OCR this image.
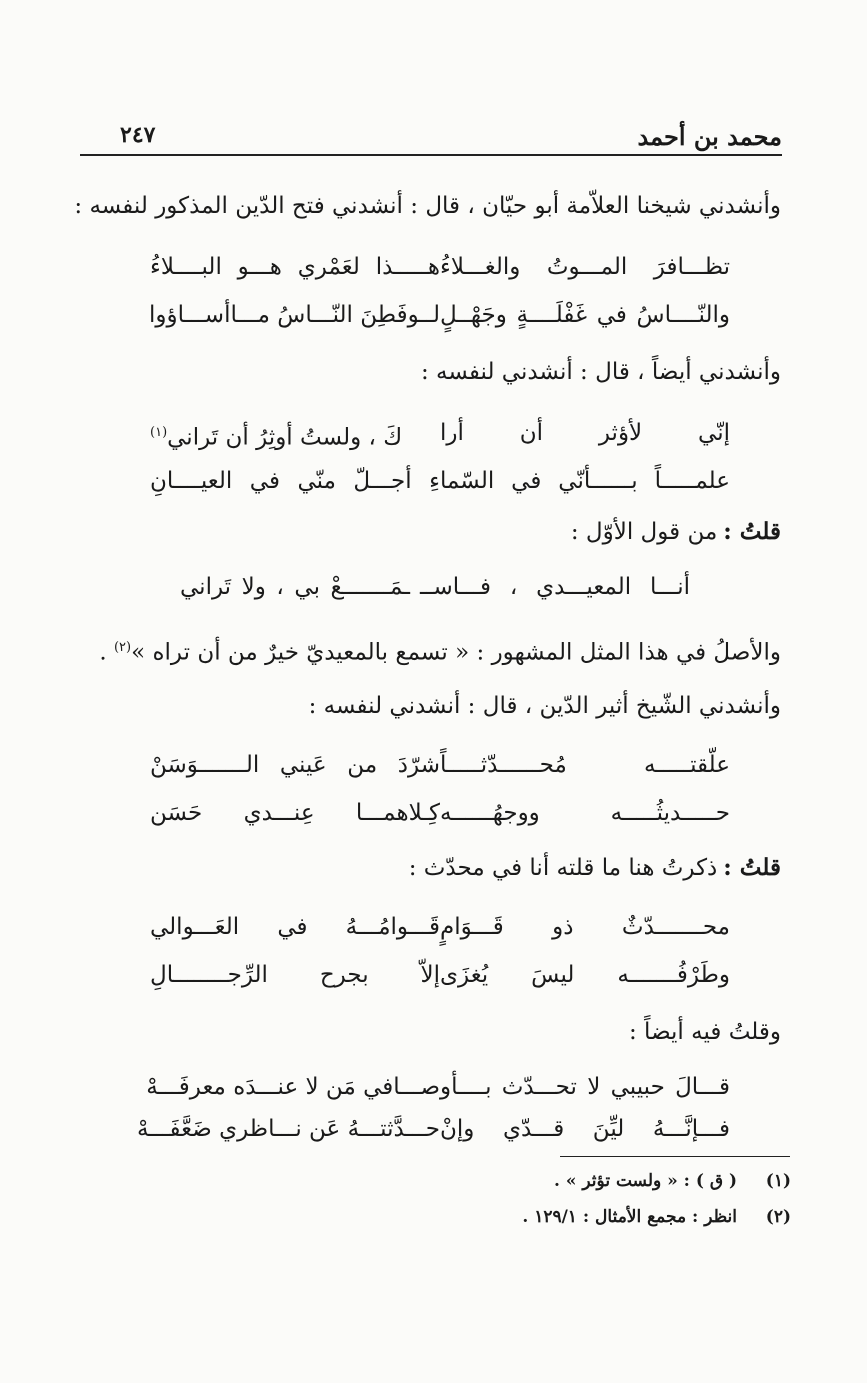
محمد بن أحمد
٢٤٧
وأنشدني شيخنا العلاّمة أبو حيّان ، قال : أنشدني فتح الدّين المذكور لنفسه :
تظـــافرَ المـــوتُ والغـــلاءُ
هـــــذا لعَمْري هـــو البــــلاءُ
والنّــــاسُ في غَفْلَــــةٍ وجَهْــلٍ
لــوفَطِنَ النّـــاسُ مـــاأســـاؤوا
وأنشدني أيضاً ، قال : أنشدني لنفسه :
إنّي لأؤثر أن أرا
كَ ، ولستُ أوثِرُ أن تَراني$^{(١)}$
علمـــــاً بــــــأنّي في السّما
ءِ أجـــلّ منّي في العيــــانِ
قلتُ :من قول الأوّل :
أنـــا المعيـــدي ، فـــاســ
ـمَـــــــعْ بي ، ولا تَراني
والأصلُ في هذا المثل المشهور : « تسمع بالمعيديّ خيرٌ من أن تراه »$^{(٢)}$ .
وأنشدني الشّيخ أثير الدّين ، قال : أنشدني لنفسه :
علّقتـــــه مُحــــــدّثـــــاً
شرّدَ من عَيني الـــــــوَسَنْ
حـــــديثُـــــه ووجهُــــــه
كِـلاهمـــا عِنـــدي حَسَن
قلتُ :ذكرتُ هنا ما قلته أنا في محدّث :
محـــــــدّثٌ ذو قَـــوَامٍ
قَـــوامُـــهُ في العَـــوالي
وطَرْفُـــــــه ليسَ يُغزَى
إلاّ بجرح الرِّجــــــــالِ
وقلتُ فيه أيضاً :
قـــالَ حبيبي لا تحـــدّث بــــأو
صـــافي مَن لا عنـــدَه معرفَـــهْ
فـــإنَّـــهُ ليِّنَ قـــدّي وإنْ
حـــدَّثتـــهُ عَن نـــاظري ضَعَّفَـــهْ
(١)( ق ) : « ولست تؤثر » .
(٢)انظر : مجمع الأمثال : ١٢٩/١ .
